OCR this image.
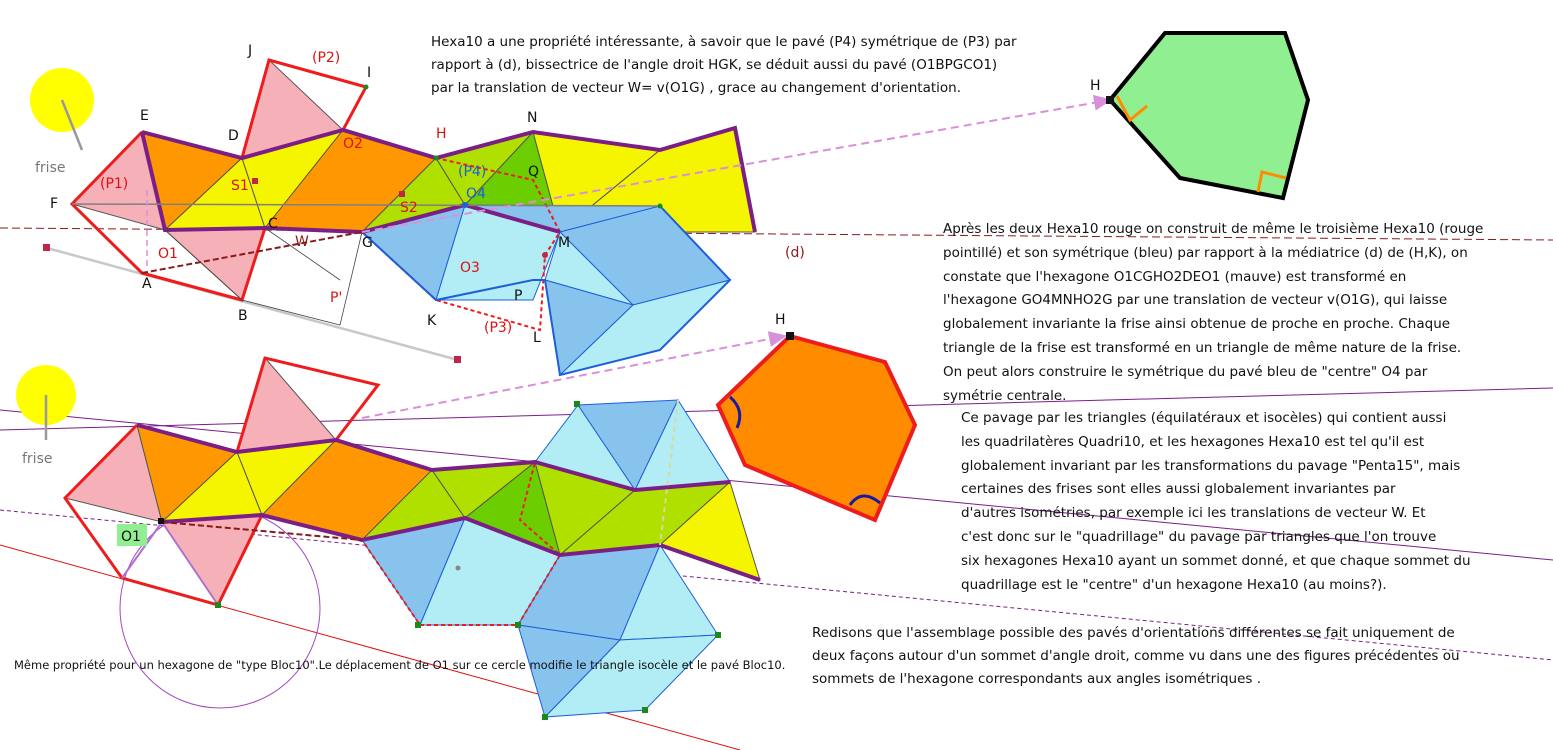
J	(P2)
I
E
D	O2
H
N
(P1)	S1
(P4)
O4
Q
F
C
S2
W	G	M
O1
O3
A
P'	P
B	K	(P3)
L
(d)
frise
frise
H
H
O1
Hexa10 a une propriété intéressante, à savoir que le pavé (P4) symétrique de (P3) par
rapport à (d), bissectrice de l'angle droit HGK, se déduit aussi du pavé (O1BPGCO1)
par la translation de vecteur W= v(O1G) , grace au changement d'orientation.
Après les deux Hexa10 rouge on construit de même le troisième Hexa10 (rouge
pointillé) et son symétrique (bleu) par rapport à la médiatrice (d) de (H,K), on
constate que l'hexagone O1CGHO2DEO1 (mauve) est transformé en
l'hexagone GO4MNHO2G par une translation de vecteur v(O1G), qui laisse
globalement invariante la frise ainsi obtenue de proche en proche. Chaque
triangle de la frise est transformé en un triangle de même nature de la frise.
On peut alors construire le symétrique du pavé bleu de "centre" O4 par
symétrie centrale.
Ce pavage par les triangles (équilatéraux et isocèles) qui contient aussi
les quadrilatères Quadri10, et les hexagones Hexa10 est tel qu'il est
globalement invariant par les transformations du pavage "Penta15", mais
certaines des frises sont elles aussi globalement invariantes par
d'autres isométries, par exemple ici les translations de vecteur W. Et
c'est donc sur le "quadrillage" du pavage par triangles que l'on trouve
six hexagones Hexa10 ayant un sommet donné, et que chaque sommet du
quadrillage est le "centre" d'un hexagone Hexa10 (au moins?).
Redisons que l'assemblage possible des pavés d'orientations différentes se fait uniquement de
deux façons autour d'un sommet d'angle droit, comme vu dans une des figures précédentes ou
sommets de l'hexagone correspondants aux angles isométriques .
Même propriété pour un hexagone de "type Bloc10".Le déplacement de O1 sur ce cercle modifie le triangle isocèle et le pavé Bloc10.
